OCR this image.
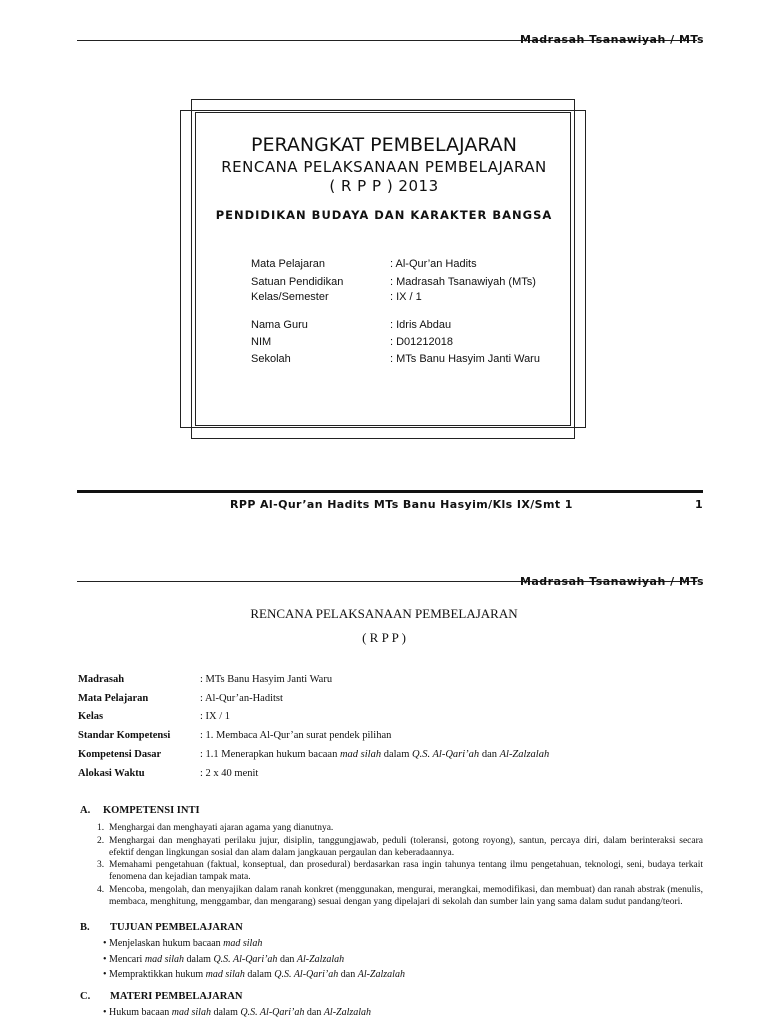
Madrasah Tsanawiyah / MTs
PERANGKAT PEMBELAJARAN
RENCANA PELAKSANAAN PEMBELAJARAN
( R P P ) 2013
PENDIDIKAN BUDAYA DAN KARAKTER BANGSA
Mata Pelajaran	: Al-Qur’an Hadits
Satuan Pendidikan	: Madrasah Tsanawiyah (MTs)
Kelas/Semester	: IX / 1
Nama Guru	: Idris Abdau
NIM	: D01212018
Sekolah	: MTs Banu Hasyim Janti Waru
RPP Al-Qur’an Hadits MTs Banu Hasyim/Kls IX/Smt 1	1
Madrasah Tsanawiyah / MTs
RENCANA PELAKSANAAN PEMBELAJARAN
( R P P )
Madrasah	: MTs Banu Hasyim Janti Waru
Mata Pelajaran	: Al-Qur’an-Haditst
Kelas	: IX / 1
Standar Kompetensi	: 1. Membaca Al-Qur’an surat pendek pilihan
Kompetensi Dasar	: 1.1 Menerapkan hukum bacaan mad silah dalam Q.S. Al-Qari’ah dan Al-Zalzalah
Alokasi Waktu	: 2 x 40 menit
A. KOMPETENSI INTI
1. Menghargai dan menghayati ajaran agama yang dianutnya.
2. Menghargai dan menghayati perilaku jujur, disiplin, tanggungjawab, peduli (toleransi, gotong royong), santun, percaya diri, dalam berinteraksi secara efektif dengan lingkungan sosial dan alam dalam jangkauan pergaulan dan keberadaannya.
3. Memahami pengetahuan (faktual, konseptual, dan prosedural) berdasarkan rasa ingin tahunya tentang ilmu pengetahuan, teknologi, seni, budaya terkait fenomena dan kejadian tampak mata.
4. Mencoba, mengolah, dan menyajikan dalam ranah konkret (menggunakan, mengurai, merangkai, memodifikasi, dan membuat) dan ranah abstrak (menulis, membaca, menghitung, menggambar, dan mengarang) sesuai dengan yang dipelajari di sekolah dan sumber lain yang sama dalam sudut pandang/teori.
B. TUJUAN PEMBELAJARAN
• Menjelaskan hukum bacaan mad silah
• Mencari mad silah dalam Q.S. Al-Qari’ah dan Al-Zalzalah
• Mempraktikkan hukum mad silah dalam Q.S. Al-Qari’ah dan Al-Zalzalah
C. MATERI PEMBELAJARAN
• Hukum bacaan mad silah dalam Q.S. Al-Qari’ah dan Al-Zalzalah
